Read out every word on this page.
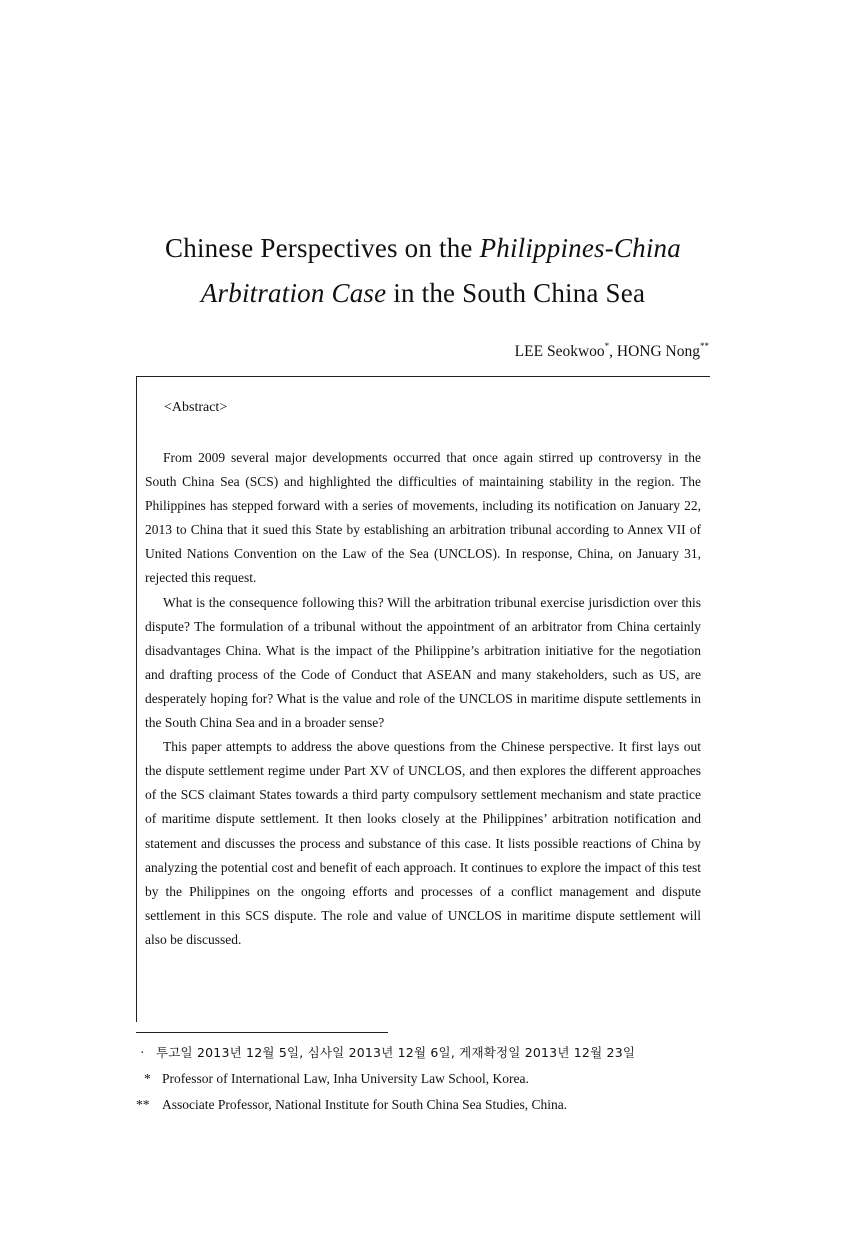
Chinese Perspectives on the Philippines-China
Arbitration Case in the South China Sea
LEE Seokwoo*, HONG Nong**
<Abstract>

From 2009 several major developments occurred that once again stirred up controversy in the South China Sea (SCS) and highlighted the difficulties of maintaining stability in the region. The Philippines has stepped forward with a series of movements, including its notification on January 22, 2013 to China that it sued this State by establishing an arbitration tribunal according to Annex VII of United Nations Convention on the Law of the Sea (UNCLOS). In response, China, on January 31, rejected this request.

What is the consequence following this? Will the arbitration tribunal exercise jurisdiction over this dispute? The formulation of a tribunal without the appointment of an arbitrator from China certainly disadvantages China. What is the impact of the Philippine’s arbitration initiative for the negotiation and drafting process of the Code of Conduct that ASEAN and many stakeholders, such as US, are desperately hoping for? What is the value and role of the UNCLOS in maritime dispute settlements in the South China Sea and in a broader sense?

This paper attempts to address the above questions from the Chinese perspective. It first lays out the dispute settlement regime under Part XV of UNCLOS, and then explores the different approaches of the SCS claimant States towards a third party compulsory settlement mechanism and state practice of maritime dispute settlement. It then looks closely at the Philippines’ arbitration notification and statement and discusses the process and substance of this case. It lists possible reactions of China by analyzing the potential cost and benefit of each approach. It continues to explore the impact of this test by the Philippines on the ongoing efforts and processes of a conflict management and dispute settlement in this SCS dispute. The role and value of UNCLOS in maritime dispute settlement will also be discussed.

· 투고일 2013년 12월 5일, 심사일 2013년 12월 6일, 게재확정일 2013년 12월 23일
* Professor of International Law, Inha University Law School, Korea.
** Associate Professor, National Institute for South China Sea Studies, China.
